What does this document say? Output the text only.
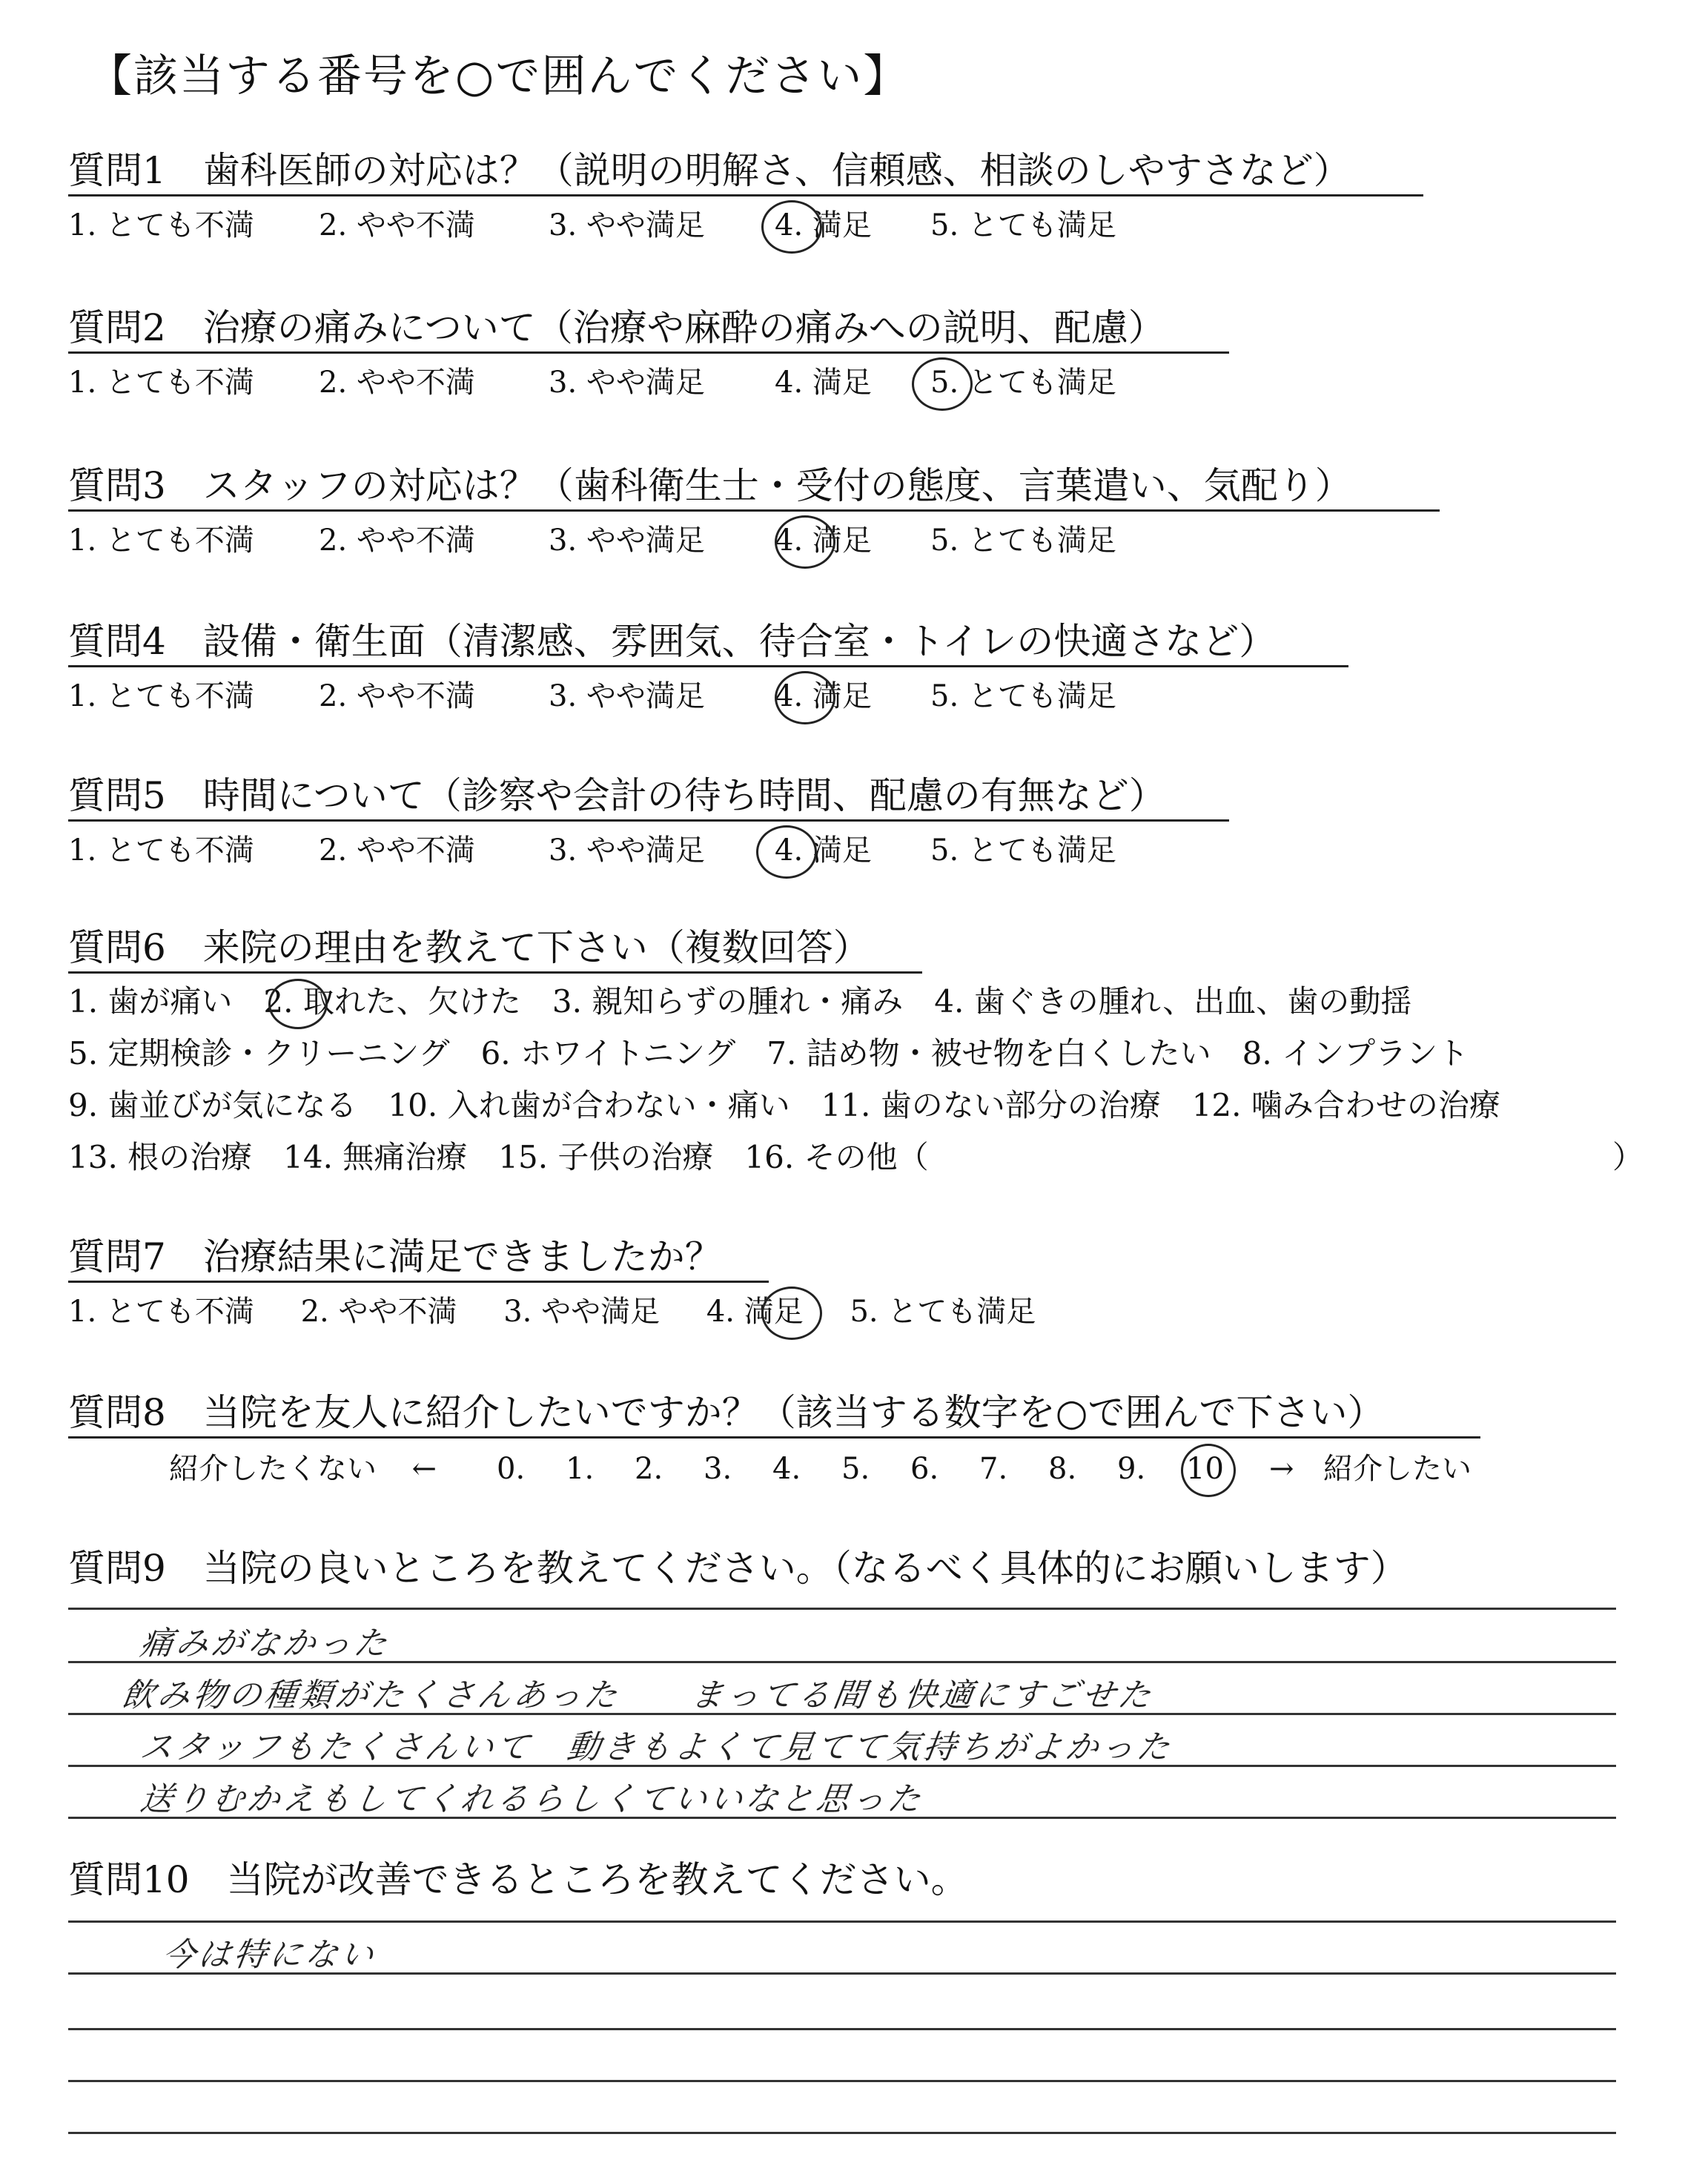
【該当する番号を○で囲んでください】
質問1　歯科医師の対応は？（説明の明解さ、信頼感、相談のしやすさなど）
1. とても不満 2. やや不満 3. やや満足 4. 満足 5. とても満足
質問2　治療の痛みについて（治療や麻酔の痛みへの説明、配慮）
1. とても不満 2. やや不満 3. やや満足 4. 満足 5. とても満足
質問3　スタッフの対応は？（歯科衛生士・受付の態度、言葉遣い、気配り）
1. とても不満 2. やや不満 3. やや満足 4. 満足 5. とても満足
質問4　設備・衛生面（清潔感、雰囲気、待合室・トイレの快適さなど）
1. とても不満 2. やや不満 3. やや満足 4. 満足 5. とても満足
質問5　時間について（診察や会計の待ち時間、配慮の有無など）
1. とても不満 2. やや不満 3. やや満足 4. 満足 5. とても満足
質問6　来院の理由を教えて下さい（複数回答）
1. 歯が痛い　2. 取れた、欠けた　3. 親知らずの腫れ・痛み　4. 歯ぐきの腫れ、出血、歯の動揺
5. 定期検診・クリーニング　6. ホワイトニング　7. 詰め物・被せ物を白くしたい　8. インプラント
9. 歯並びが気になる　10. 入れ歯が合わない・痛い　11. 歯のない部分の治療　12. 噛み合わせの治療
13. 根の治療　14. 無痛治療　15. 子供の治療　16. その他（	）
質問7　治療結果に満足できましたか？
1. とても不満 2. やや不満 3. やや満足 4. 満足 5. とても満足
質問8　当院を友人に紹介したいですか？（該当する数字を○で囲んで下さい）
紹介したくない ← 0. 1. 2. 3. 4. 5. 6. 7. 8. 9. 10 → 紹介したい
質問9　当院の良いところを教えてください。（なるべく具体的にお願いします）
痛みがなかった
飲み物の種類がたくさんあった　　まってる間も快適にすごせた
スタッフもたくさんいて　動きもよくて見てて気持ちがよかった
送りむかえもしてくれるらしくていいなと思った
質問10　当院が改善できるところを教えてください。
今は特にない
